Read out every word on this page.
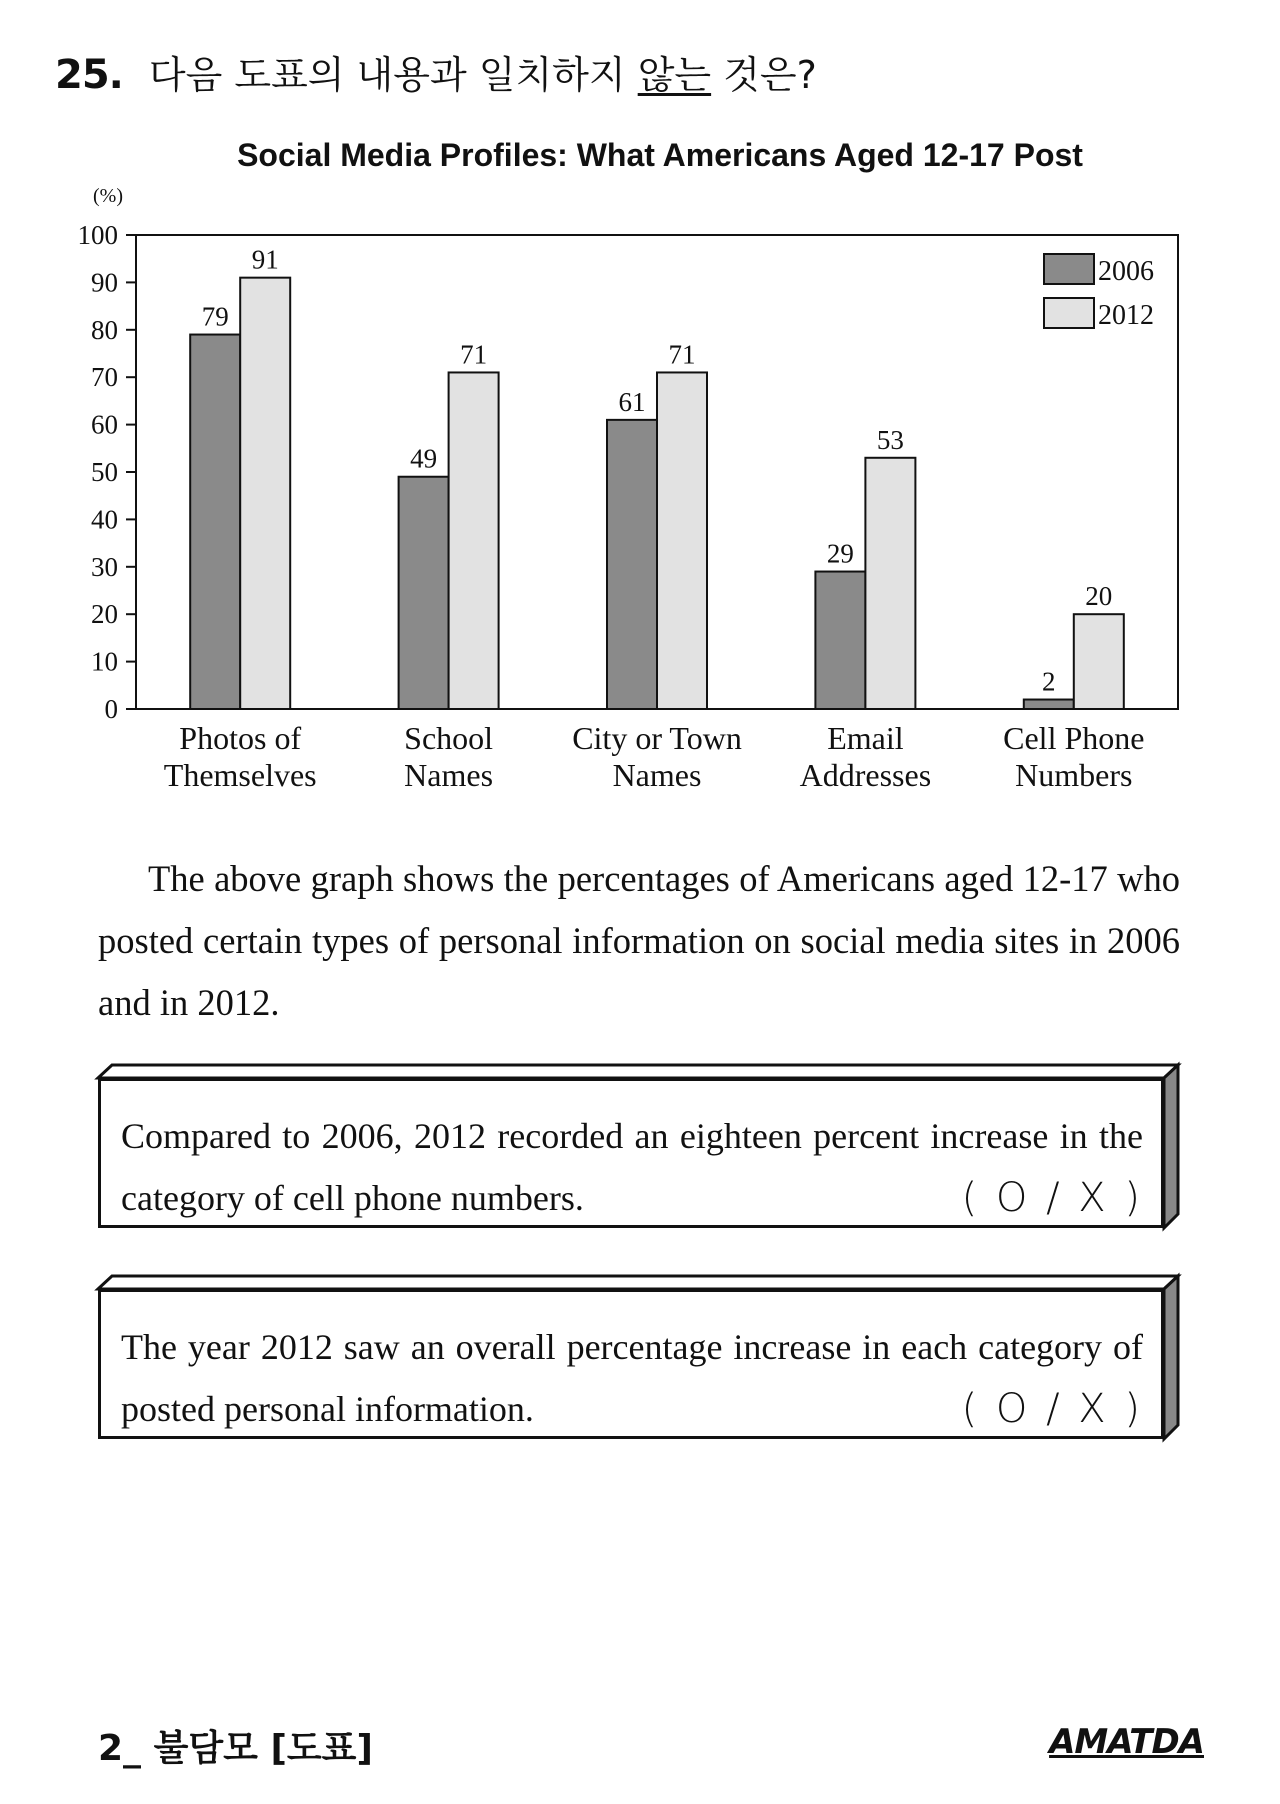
25. 다음 도표의 내용과 일치하지 않는 것은?
Social Media Profiles: What Americans Aged 12-17 Post
(%)
0
10
20
30
40
50
60
70
80
90
100
79
91
49
71
61
71
29
53
2
20
Photos of
Themselves
School
Names
City or Town
Names
Email
Addresses
Cell Phone
Numbers
2006
2012

The above graph shows the percentages of Americans aged 12-17 who posted certain types of personal information on social media sites in 2006 and in 2012.

Compared to 2006, 2012 recorded an eighteen percent increase in the category of cell phone numbers.	( O / X )

The year 2012 saw an overall percentage increase in each category of posted personal information.	( O / X )

2_ 불담모 [도표]	AMATDA
